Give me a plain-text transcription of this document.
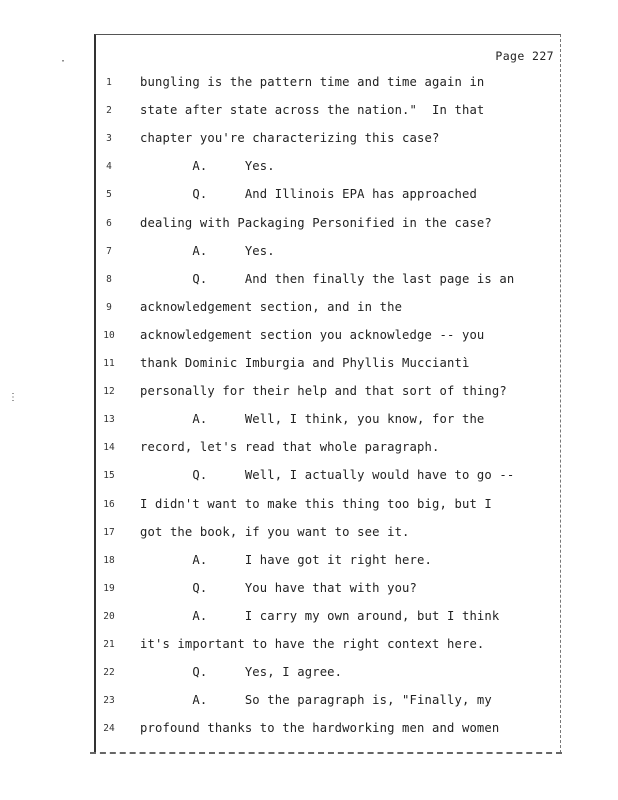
Page 227
1	bungling is the pattern time and time again in
2	state after state across the nation."  In that
3	chapter you're characterizing this case?
4	A.     Yes.
5	Q.     And Illinois EPA has approached
6	dealing with Packaging Personified in the case?
7	A.     Yes.
8	Q.     And then finally the last page is an
9	acknowledgement section, and in the
10 acknowledgement section you acknowledge -- you
11 thank Dominic Imburgia and Phyllis Mucciantì
12 personally for their help and that sort of thing?
13 A.     Well, I think, you know, for the
14 record, let's read that whole paragraph.
15 Q.     Well, I actually would have to go --
16 I didn't want to make this thing too big, but I
17 got the book, if you want to see it.
18 A.     I have got it right here.
19 Q.     You have that with you?
20 A.     I carry my own around, but I think
21 it's important to have the right context here.
22 Q.     Yes, I agree.
23 A.     So the paragraph is, "Finally, my
24 profound thanks to the hardworking men and women
⋮
·
